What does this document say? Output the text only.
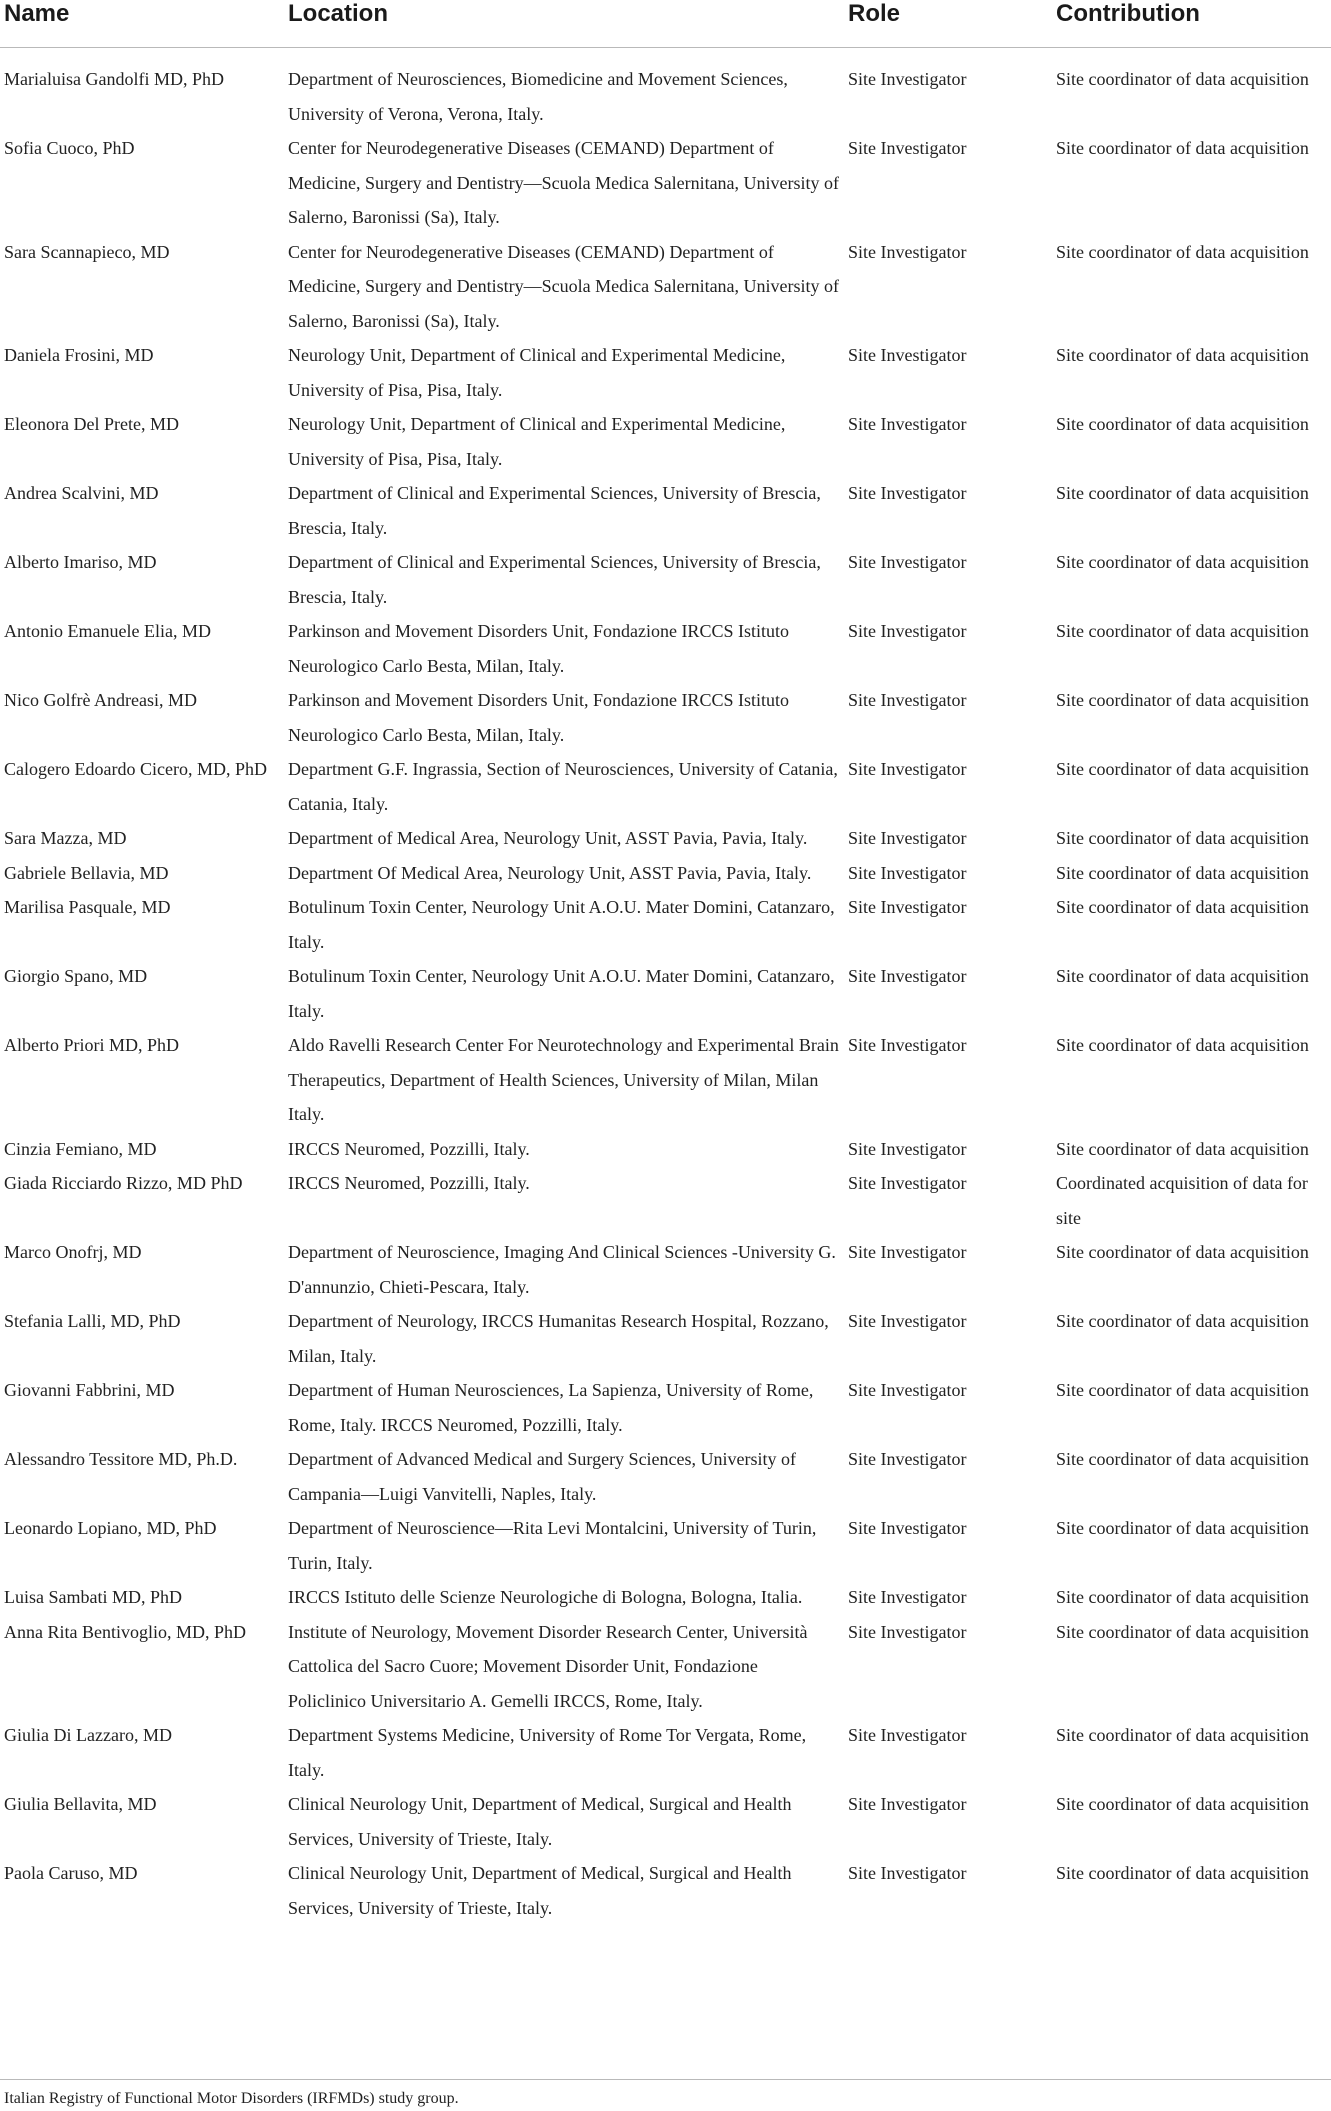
Name	Location	Role	Contribution
Marialuisa Gandolfi MD, PhD	Department of Neurosciences, Biomedicine and Movement Sciences, University of Verona, Verona, Italy.	Site Investigator	Site coordinator of data acquisition
Sofia Cuoco, PhD	Center for Neurodegenerative Diseases (CEMAND) Department of Medicine, Surgery and Dentistry—Scuola Medica Salernitana, University of Salerno, Baronissi (Sa), Italy.	Site Investigator	Site coordinator of data acquisition
Sara Scannapieco, MD	Center for Neurodegenerative Diseases (CEMAND) Department of Medicine, Surgery and Dentistry—Scuola Medica Salernitana, University of Salerno, Baronissi (Sa), Italy.	Site Investigator	Site coordinator of data acquisition
Daniela Frosini, MD	Neurology Unit, Department of Clinical and Experimental Medicine, University of Pisa, Pisa, Italy.	Site Investigator	Site coordinator of data acquisition
Eleonora Del Prete, MD	Neurology Unit, Department of Clinical and Experimental Medicine, University of Pisa, Pisa, Italy.	Site Investigator	Site coordinator of data acquisition
Andrea Scalvini, MD	Department of Clinical and Experimental Sciences, University of Brescia, Brescia, Italy.	Site Investigator	Site coordinator of data acquisition
Alberto Imariso, MD	Department of Clinical and Experimental Sciences, University of Brescia, Brescia, Italy.	Site Investigator	Site coordinator of data acquisition
Antonio Emanuele Elia, MD	Parkinson and Movement Disorders Unit, Fondazione IRCCS Istituto Neurologico Carlo Besta, Milan, Italy.	Site Investigator	Site coordinator of data acquisition
Nico Golfrè Andreasi, MD	Parkinson and Movement Disorders Unit, Fondazione IRCCS Istituto Neurologico Carlo Besta, Milan, Italy.	Site Investigator	Site coordinator of data acquisition
Calogero Edoardo Cicero, MD, PhD	Department G.F. Ingrassia, Section of Neurosciences, University of Catania, Catania, Italy.	Site Investigator	Site coordinator of data acquisition
Sara Mazza, MD	Department of Medical Area, Neurology Unit, ASST Pavia, Pavia, Italy.	Site Investigator	Site coordinator of data acquisition
Gabriele Bellavia, MD	Department Of Medical Area, Neurology Unit, ASST Pavia, Pavia, Italy.	Site Investigator	Site coordinator of data acquisition
Marilisa Pasquale, MD	Botulinum Toxin Center, Neurology Unit A.O.U. Mater Domini, Catanzaro, Italy.	Site Investigator	Site coordinator of data acquisition
Giorgio Spano, MD	Botulinum Toxin Center, Neurology Unit A.O.U. Mater Domini, Catanzaro, Italy.	Site Investigator	Site coordinator of data acquisition
Alberto Priori MD, PhD	Aldo Ravelli Research Center For Neurotechnology and Experimental Brain Therapeutics, Department of Health Sciences, University of Milan, Milan Italy.	Site Investigator	Site coordinator of data acquisition
Cinzia Femiano, MD	IRCCS Neuromed, Pozzilli, Italy.	Site Investigator	Site coordinator of data acquisition
Giada Ricciardo Rizzo, MD PhD	IRCCS Neuromed, Pozzilli, Italy.	Site Investigator	Coordinated acquisition of data for site
Marco Onofrj, MD	Department of Neuroscience, Imaging And Clinical Sciences -University G. D'annunzio, Chieti-Pescara, Italy.	Site Investigator	Site coordinator of data acquisition
Stefania Lalli, MD, PhD	Department of Neurology, IRCCS Humanitas Research Hospital, Rozzano, Milan, Italy.	Site Investigator	Site coordinator of data acquisition
Giovanni Fabbrini, MD	Department of Human Neurosciences, La Sapienza, University of Rome, Rome, Italy. IRCCS Neuromed, Pozzilli, Italy.	Site Investigator	Site coordinator of data acquisition
Alessandro Tessitore MD, Ph.D.	Department of Advanced Medical and Surgery Sciences, University of Campania—Luigi Vanvitelli, Naples, Italy.	Site Investigator	Site coordinator of data acquisition
Leonardo Lopiano, MD, PhD	Department of Neuroscience—Rita Levi Montalcini, University of Turin, Turin, Italy.	Site Investigator	Site coordinator of data acquisition
Luisa Sambati MD, PhD	IRCCS Istituto delle Scienze Neurologiche di Bologna, Bologna, Italia.	Site Investigator	Site coordinator of data acquisition
Anna Rita Bentivoglio, MD, PhD	Institute of Neurology, Movement Disorder Research Center, Università Cattolica del Sacro Cuore; Movement Disorder Unit, Fondazione Policlinico Universitario A. Gemelli IRCCS, Rome, Italy.	Site Investigator	Site coordinator of data acquisition
Giulia Di Lazzaro, MD	Department Systems Medicine, University of Rome Tor Vergata, Rome, Italy.	Site Investigator	Site coordinator of data acquisition
Giulia Bellavita, MD	Clinical Neurology Unit, Department of Medical, Surgical and Health Services, University of Trieste, Italy.	Site Investigator	Site coordinator of data acquisition
Paola Caruso, MD	Clinical Neurology Unit, Department of Medical, Surgical and Health Services, University of Trieste, Italy.	Site Investigator	Site coordinator of data acquisition
Italian Registry of Functional Motor Disorders (IRFMDs) study group.
